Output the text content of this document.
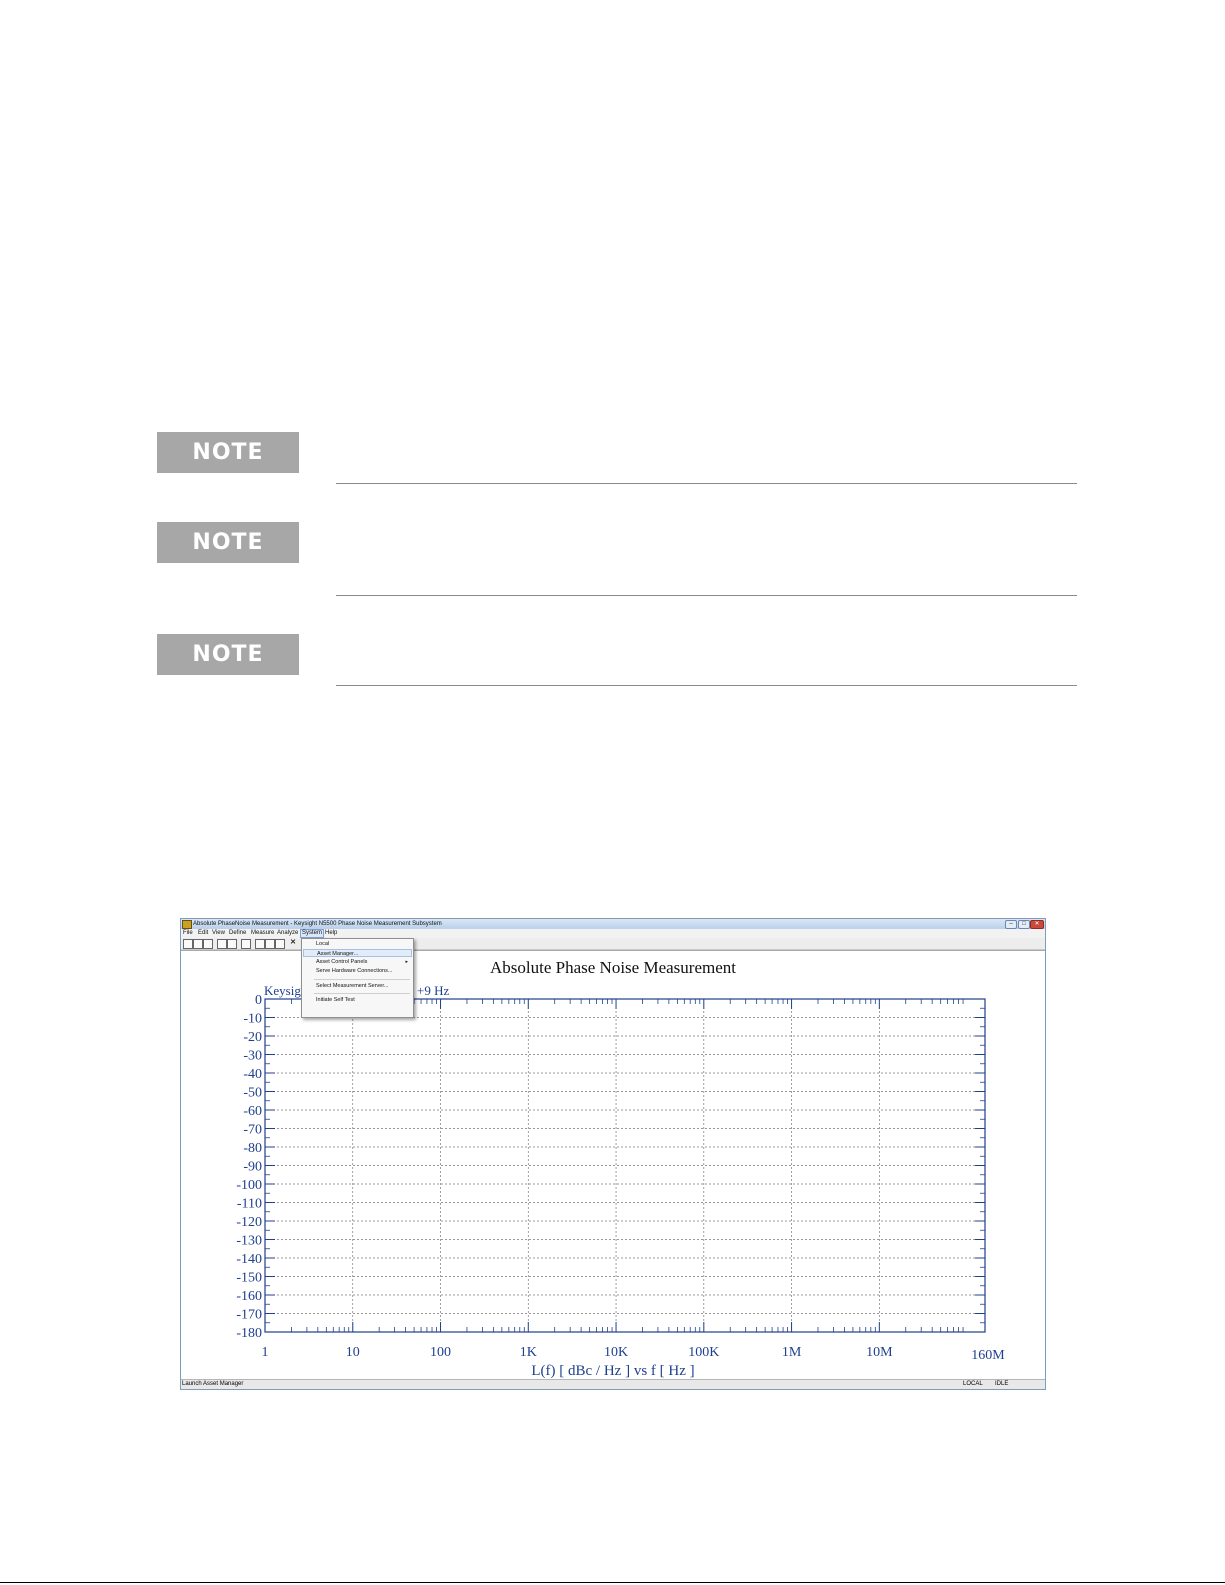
NOTE
NOTE
NOTE
Absolute PhaseNoise Measurement - Keysight N5500 Phase Noise Measurement Subsystem	–	□	✕
File Edit View Define Measure Analyze System Help
✕
Absolute Phase Noise Measurement
Keysig	+9 Hz
0
-10
-20
-30
-40
-50
-60
-70
-80
-90
-100
-110
-120
-130
-140
-150
-160
-170
-180
1	10	100	1K	10K	100K	1M	10M	160M
L(f) [ dBc / Hz ] vs f [ Hz ]
Local
Asset Manager...
Asset Control Panels	▸
Serve Hardware Connections...
Select Measurement Server...
Initiate Self Test
Launch Asset Manager	LOCAL IDLE
